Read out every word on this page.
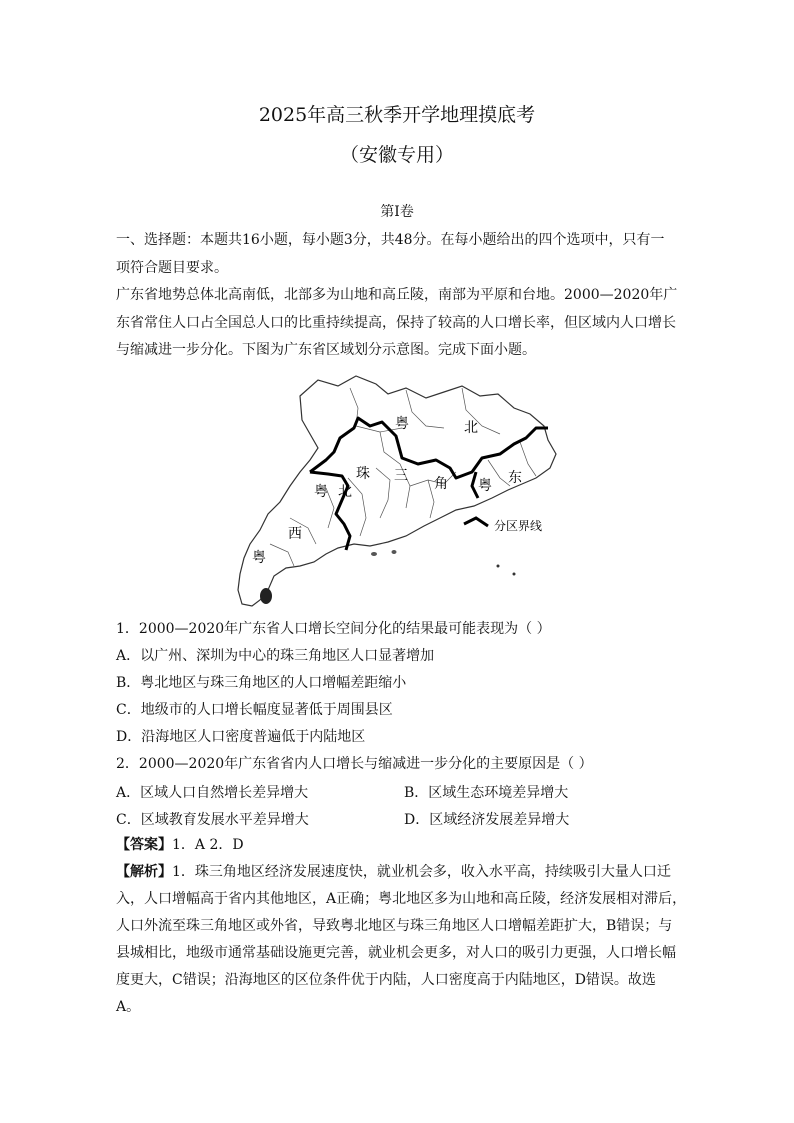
2025年高三秋季开学地理摸底考
（安徽专用）
第Ⅰ卷
一、选择题：本题共16小题，每小题3分，共48分。在每小题给出的四个选项中，只有一
项符合题目要求。
广东省地势总体北高南低，北部多为山地和高丘陵，南部为平原和台地。2000—2020年广
东省常住人口占全国总人口的比重持续提高，保持了较高的人口增长率，但区域内人口增长
与缩减进一步分化。下图为广东省区域划分示意图。完成下面小题。
粤	北
珠 三 角 粤 东
粤 北
西
粤
分区界线
1．2000—2020年广东省人口增长空间分化的结果最可能表现为（ ）
A．以广州、深圳为中心的珠三角地区人口显著增加
B．粤北地区与珠三角地区的人口增幅差距缩小
C．地级市的人口增长幅度显著低于周围县区
D．沿海地区人口密度普遍低于内陆地区
2．2000—2020年广东省省内人口增长与缩减进一步分化的主要原因是（ ）
A．区域人口自然增长差异增大	B．区域生态环境差异增大
C．区域教育发展水平差异增大	D．区域经济发展差异增大
【答案】1．A 2．D
【解析】1．珠三角地区经济发展速度快，就业机会多，收入水平高，持续吸引大量人口迁
入，人口增幅高于省内其他地区，A正确；粤北地区多为山地和高丘陵，经济发展相对滞后，
人口外流至珠三角地区或外省，导致粤北地区与珠三角地区人口增幅差距扩大，B错误；与
县城相比，地级市通常基础设施更完善，就业机会更多，对人口的吸引力更强，人口增长幅
度更大，C错误；沿海地区的区位条件优于内陆，人口密度高于内陆地区，D错误。故选
A。
